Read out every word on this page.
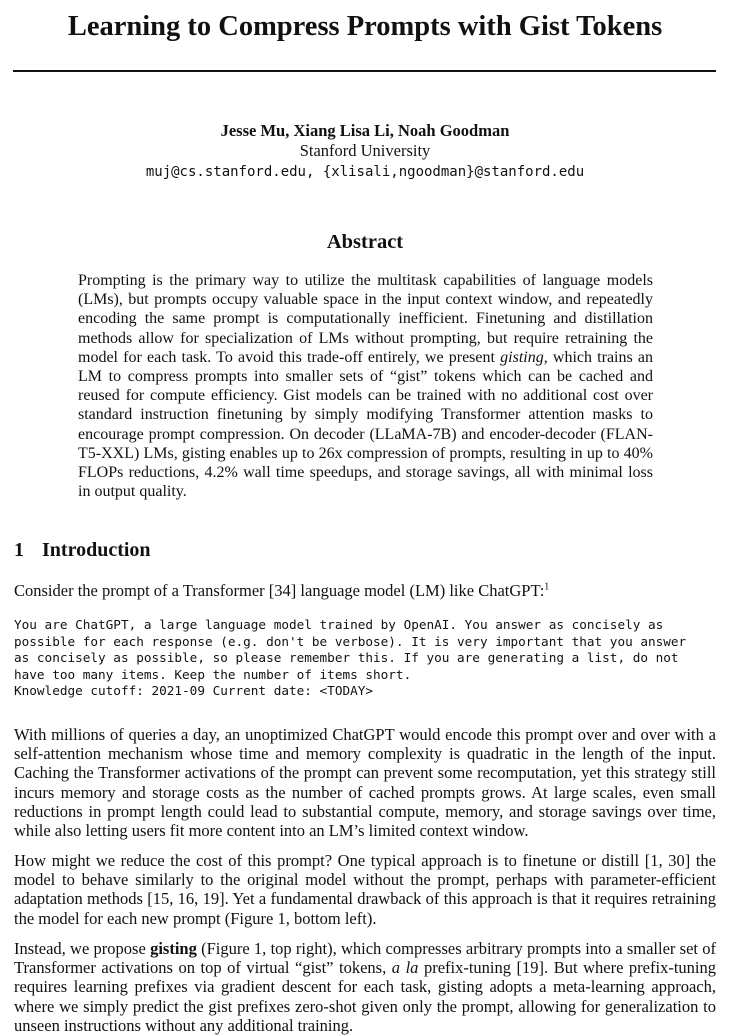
Learning to Compress Prompts with Gist Tokens
Jesse Mu, Xiang Lisa Li, Noah Goodman
Stanford University
muj@cs.stanford.edu, {xlisali,ngoodman}@stanford.edu
Abstract

Prompting is the primary way to utilize the multitask capabilities of language models (LMs), but prompts occupy valuable space in the input context window, and repeatedly encoding the same prompt is computationally inefficient. Finetuning and distillation methods allow for specialization of LMs without prompting, but require retraining the model for each task. To avoid this trade-off entirely, we present gisting, which trains an LM to compress prompts into smaller sets of “gist” tokens which can be cached and reused for compute efficiency. Gist models can be trained with no additional cost over standard instruction finetuning by simply modifying Transformer attention masks to encourage prompt compression. On decoder (LLaMA-7B) and encoder-decoder (FLAN-T5-XXL) LMs, gisting enables up to 26x compression of prompts, resulting in up to 40% FLOPs reductions, 4.2% wall time speedups, and storage savings, all with minimal loss in output quality.

1 Introduction

Consider the prompt of a Transformer [34] language model (LM) like ChatGPT:$^1$

You are ChatGPT, a large language model trained by OpenAI. You answer as concisely as
possible for each response (e.g. don't be verbose). It is very important that you answer
as concisely as possible, so please remember this. If you are generating a list, do not
have too many items. Keep the number of items short.
Knowledge cutoff: 2021-09 Current date: <TODAY>

With millions of queries a day, an unoptimized ChatGPT would encode this prompt over and over with a self-attention mechanism whose time and memory complexity is quadratic in the length of the input. Caching the Transformer activations of the prompt can prevent some recomputation, yet this strategy still incurs memory and storage costs as the number of cached prompts grows. At large scales, even small reductions in prompt length could lead to substantial compute, memory, and storage savings over time, while also letting users fit more content into an LM’s limited context window.

How might we reduce the cost of this prompt? One typical approach is to finetune or distill [1, 30] the model to behave similarly to the original model without the prompt, perhaps with parameter-efficient adaptation methods [15, 16, 19]. Yet a fundamental drawback of this approach is that it requires retraining the model for each new prompt (Figure 1, bottom left).

Instead, we propose gisting (Figure 1, top right), which compresses arbitrary prompts into a smaller set of Transformer activations on top of virtual “gist” tokens, a la prefix-tuning [19]. But where prefix-tuning requires learning prefixes via gradient descent for each task, gisting adopts a meta-learning approach, where we simply predict the gist prefixes zero-shot given only the prompt, allowing for generalization to unseen instructions without any additional training.
